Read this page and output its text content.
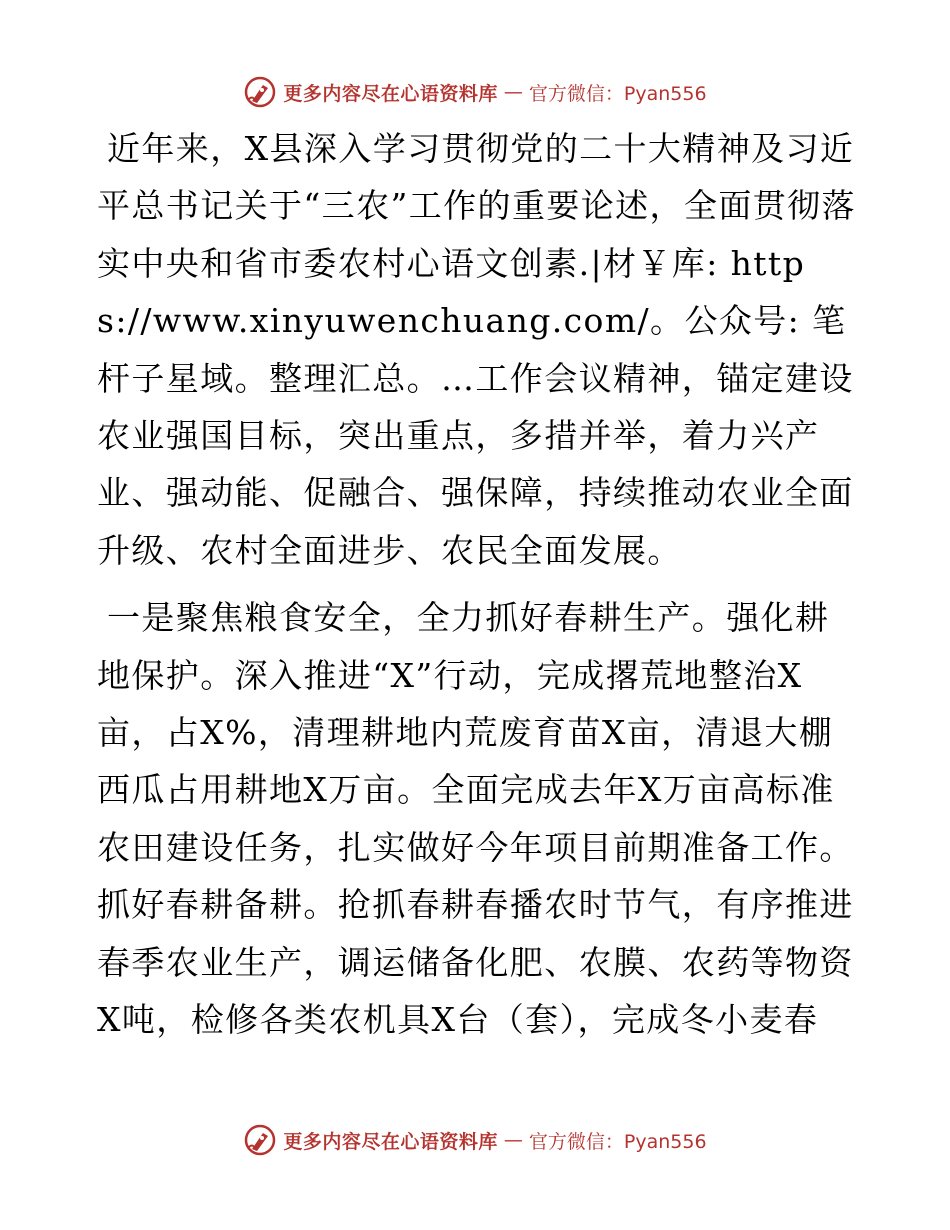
更多内容尽在心语资料库 — 官方微信：Pyan556

近年来，X县深入学习贯彻党的二十大精神及习近平总书记关于“三农”工作的重要论述，全面贯彻落实中央和省市委农村心语文创素.|材￥库: https://www.xinyuwenchuang.com/。公众号: 笔杆子星域。整理汇总。…工作会议精神，锚定建设农业强国目标，突出重点，多措并举，着力兴产业、强动能、促融合、强保障，持续推动农业全面升级、农村全面进步、农民全面发展。

一是聚焦粮食安全，全力抓好春耕生产。强化耕地保护。深入推进“X”行动，完成撂荒地整治X亩，占X%，清理耕地内荒废育苗X亩，清退大棚西瓜占用耕地X万亩。全面完成去年X万亩高标准农田建设任务，扎实做好今年项目前期准备工作。抓好春耕备耕。抢抓春耕春播农时节气，有序推进春季农业生产，调运储备化肥、农膜、农药等物资X吨，检修各类农机具X台（套），完成冬小麦春

更多内容尽在心语资料库 — 官方微信：Pyan556
